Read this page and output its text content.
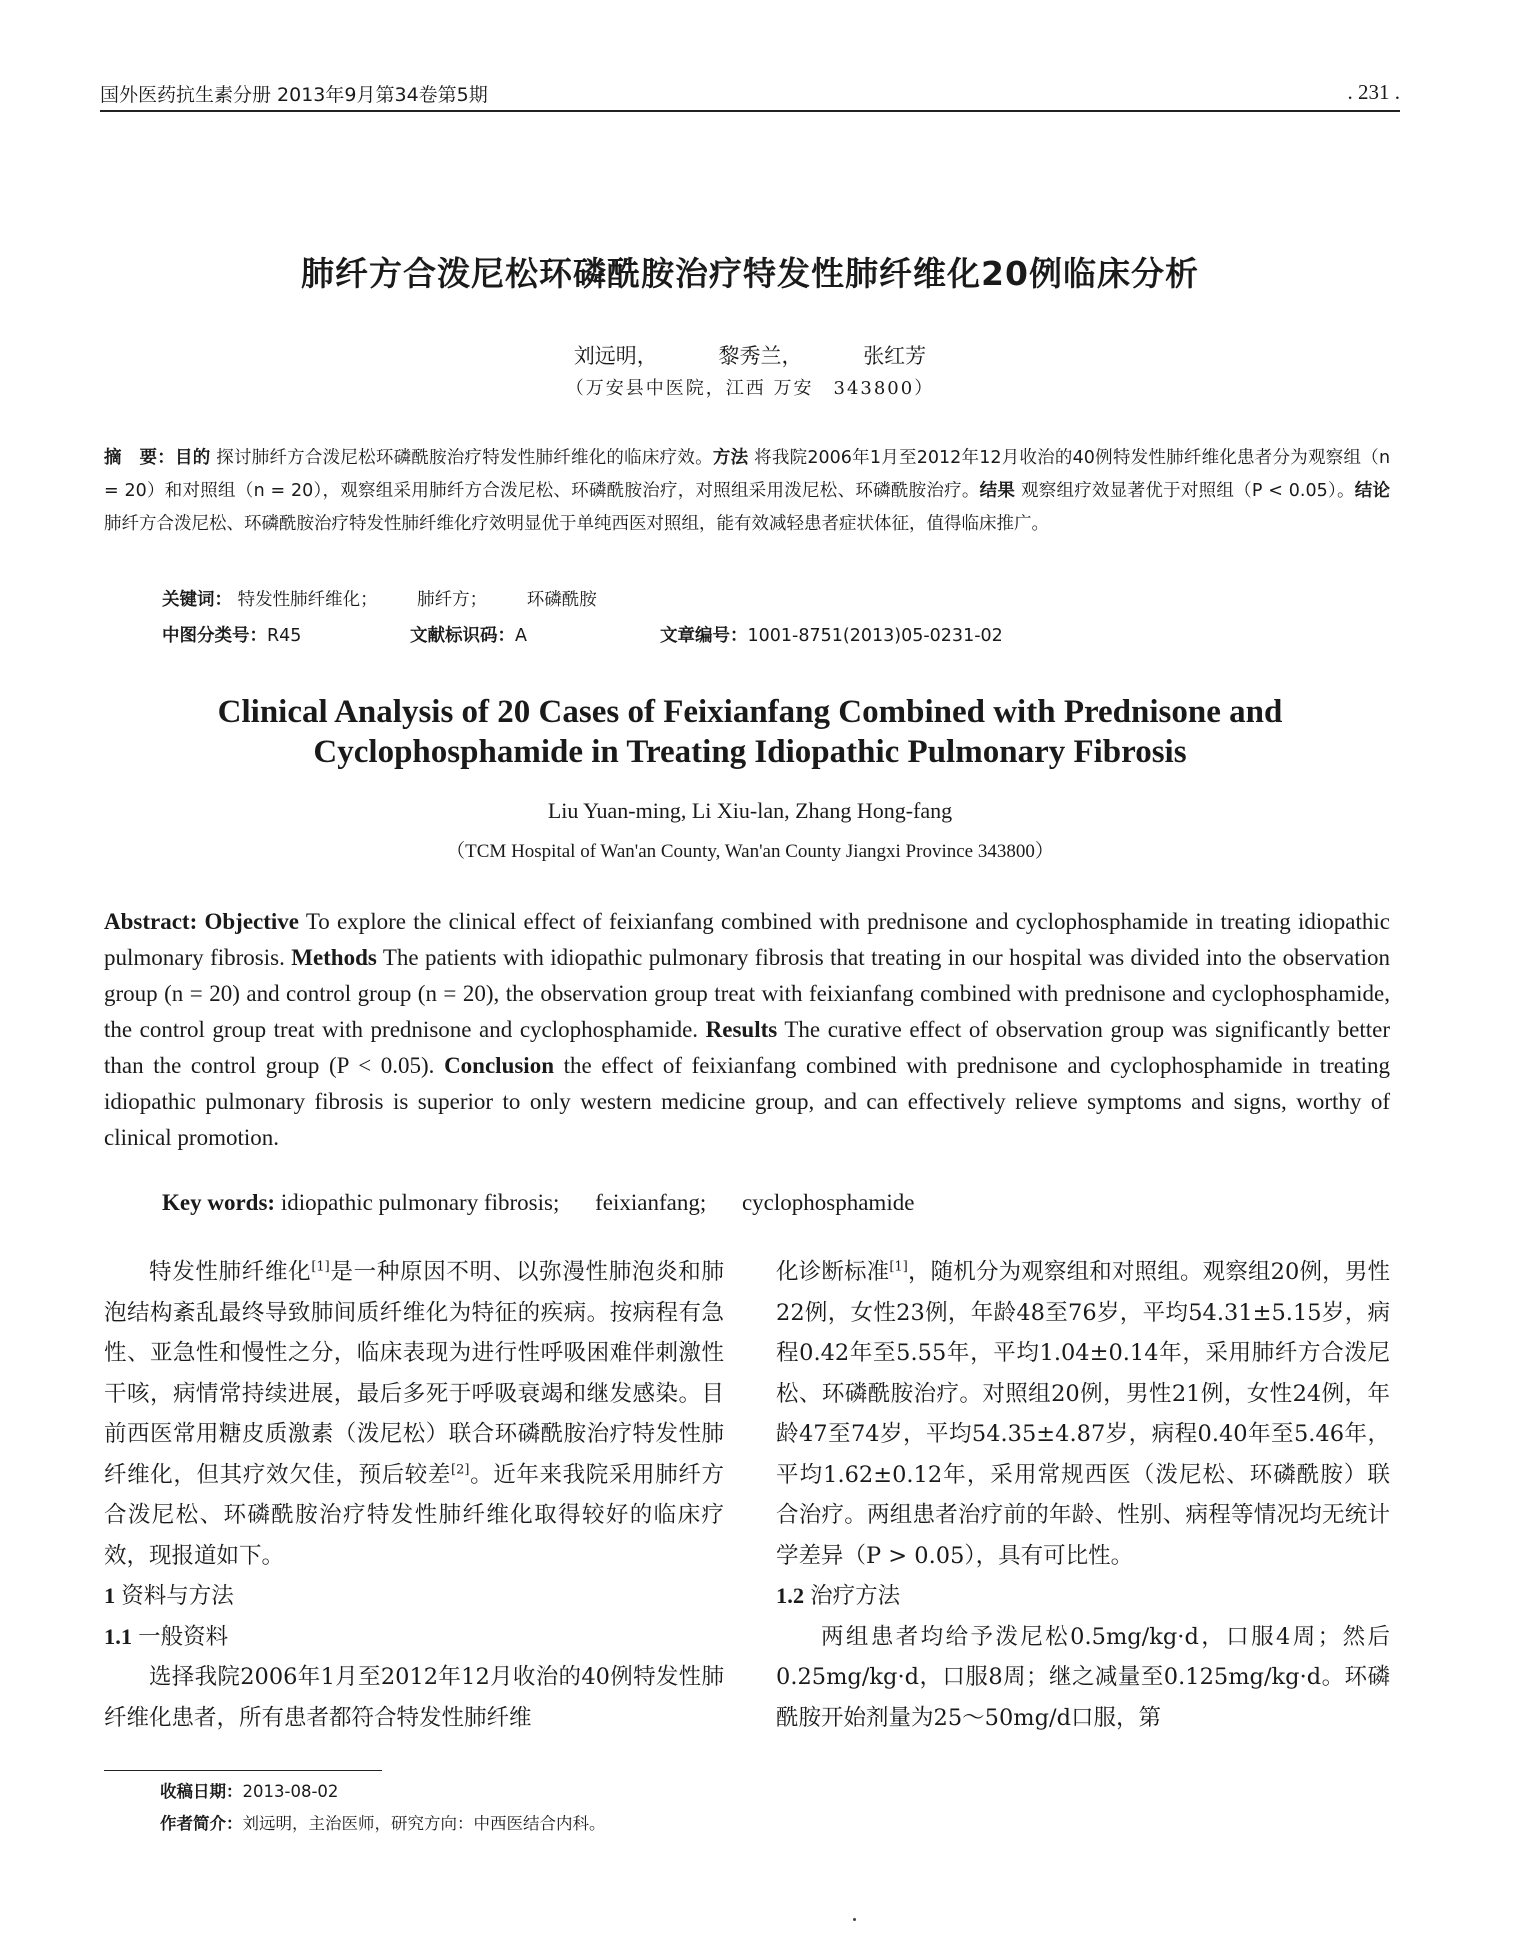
国外医药抗生素分册 2013年9月第34卷第5期	. 231 .
肺纤方合泼尼松环磷酰胺治疗特发性肺纤维化20例临床分析
刘远明，	黎秀兰，	张红芳
（万安县中医院，江西 万安　343800）
摘　要：目的 探讨肺纤方合泼尼松环磷酰胺治疗特发性肺纤维化的临床疗效。方法 将我院2006年1月至2012年12月收治的40例特发性肺纤维化患者分为观察组（n = 20）和对照组（n = 20），观察组采用肺纤方合泼尼松、环磷酰胺治疗，对照组采用泼尼松、环磷酰胺治疗。结果 观察组疗效显著优于对照组（P < 0.05）。结论 肺纤方合泼尼松、环磷酰胺治疗特发性肺纤维化疗效明显优于单纯西医对照组，能有效减轻患者症状体征，值得临床推广。
关键词： 特发性肺纤维化； 肺纤方； 环磷酰胺
中图分类号：R45	文献标识码：A	文章编号：1001-8751(2013)05-0231-02
Clinical Analysis of 20 Cases of Feixianfang Combined with Prednisone and
Cyclophosphamide in Treating Idiopathic Pulmonary Fibrosis
Liu Yuan-ming, Li Xiu-lan, Zhang Hong-fang
（TCM Hospital of Wan'an County, Wan'an County Jiangxi Province 343800）
Abstract: Objective To explore the clinical effect of feixianfang combined with prednisone and cyclophosphamide in treating idiopathic pulmonary fibrosis. Methods The patients with idiopathic pulmonary fibrosis that treating in our hospital was divided into the observation group (n = 20) and control group (n = 20), the observation group treat with feixianfang combined with prednisone and cyclophosphamide, the control group treat with prednisone and cyclophosphamide. Results The curative effect of observation group was significantly better than the control group (P < 0.05). Conclusion the effect of feixianfang combined with prednisone and cyclophosphamide in treating idiopathic pulmonary fibrosis is superior to only western medicine group, and can effectively relieve symptoms and signs, worthy of clinical promotion.
Key words: idiopathic pulmonary fibrosis; feixianfang; cyclophosphamide

特发性肺纤维化[1]是一种原因不明、以弥漫性肺泡炎和肺泡结构紊乱最终导致肺间质纤维化为特征的疾病。按病程有急性、亚急性和慢性之分，临床表现为进行性呼吸困难伴刺激性干咳，病情常持续进展，最后多死于呼吸衰竭和继发感染。目前西医常用糖皮质激素（泼尼松）联合环磷酰胺治疗特发性肺纤维化，但其疗效欠佳，预后较差[2]。近年来我院采用肺纤方合泼尼松、环磷酰胺治疗特发性肺纤维化取得较好的临床疗效，现报道如下。

1 资料与方法
1.1 一般资料

选择我院2006年1月至2012年12月收治的40例特发性肺纤维化患者，所有患者都符合特发性肺纤维

化诊断标准[1]，随机分为观察组和对照组。观察组20例，男性22例，女性23例，年龄48至76岁，平均54.31±5.15岁，病程0.42年至5.55年，平均1.04±0.14年，采用肺纤方合泼尼松、环磷酰胺治疗。对照组20例，男性21例，女性24例，年龄47至74岁，平均54.35±4.87岁，病程0.40年至5.46年，平均1.62±0.12年，采用常规西医（泼尼松、环磷酰胺）联合治疗。两组患者治疗前的年龄、性别、病程等情况均无统计学差异（P > 0.05），具有可比性。

1.2 治疗方法

两组患者均给予泼尼松0.5mg/kg·d，口服4周；然后0.25mg/kg·d，口服8周；继之减量至0.125mg/kg·d。环磷酰胺开始剂量为25～50mg/d口服，第

收稿日期：2013-08-02
作者简介：刘远明，主治医师，研究方向：中西医结合内科。
